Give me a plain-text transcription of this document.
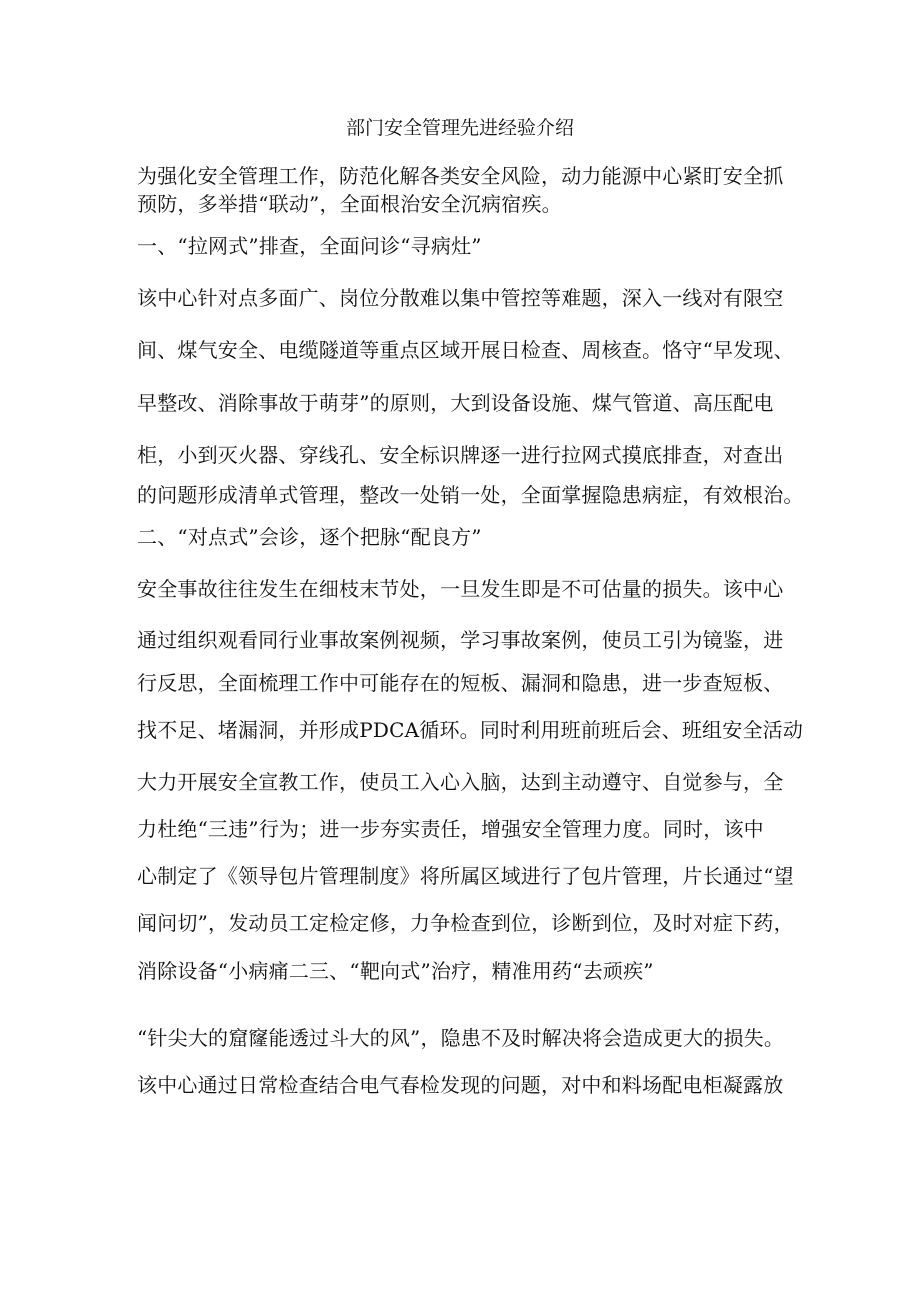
部门安全管理先进经验介绍
为强化安全管理工作，防范化解各类安全风险，动力能源中心紧盯安全抓
预防，多举措“联动”，全面根治安全沉病宿疾。
一、“拉网式”排查，全面问诊“寻病灶”
该中心针对点多面广、岗位分散难以集中管控等难题，深入一线对有限空
间、煤气安全、电缆隧道等重点区域开展日检查、周核查。恪守“早发现、
早整改、消除事故于萌芽”的原则，大到设备设施、煤气管道、高压配电
柜，小到灭火器、穿线孔、安全标识牌逐一进行拉网式摸底排查，对查出
的问题形成清单式管理，整改一处销一处，全面掌握隐患病症，有效根治。
二、“对点式”会诊，逐个把脉“配良方”
安全事故往往发生在细枝末节处，一旦发生即是不可估量的损失。该中心
通过组织观看同行业事故案例视频，学习事故案例，使员工引为镜鉴，进
行反思，全面梳理工作中可能存在的短板、漏洞和隐患，进一步查短板、
找不足、堵漏洞，并形成PDCA循环。同时利用班前班后会、班组安全活动
大力开展安全宣教工作，使员工入心入脑，达到主动遵守、自觉参与，全
力杜绝“三违”行为；进一步夯实责任，增强安全管理力度。同时，该中
心制定了《领导包片管理制度》将所属区域进行了包片管理，片长通过“望
闻问切”，发动员工定检定修，力争检查到位，诊断到位，及时对症下药，
消除设备“小病痛二三、“靶向式”治疗，精准用药“去顽疾”
“针尖大的窟窿能透过斗大的风”，隐患不及时解决将会造成更大的损失。
该中心通过日常检查结合电气春检发现的问题，对中和料场配电柜凝露放
